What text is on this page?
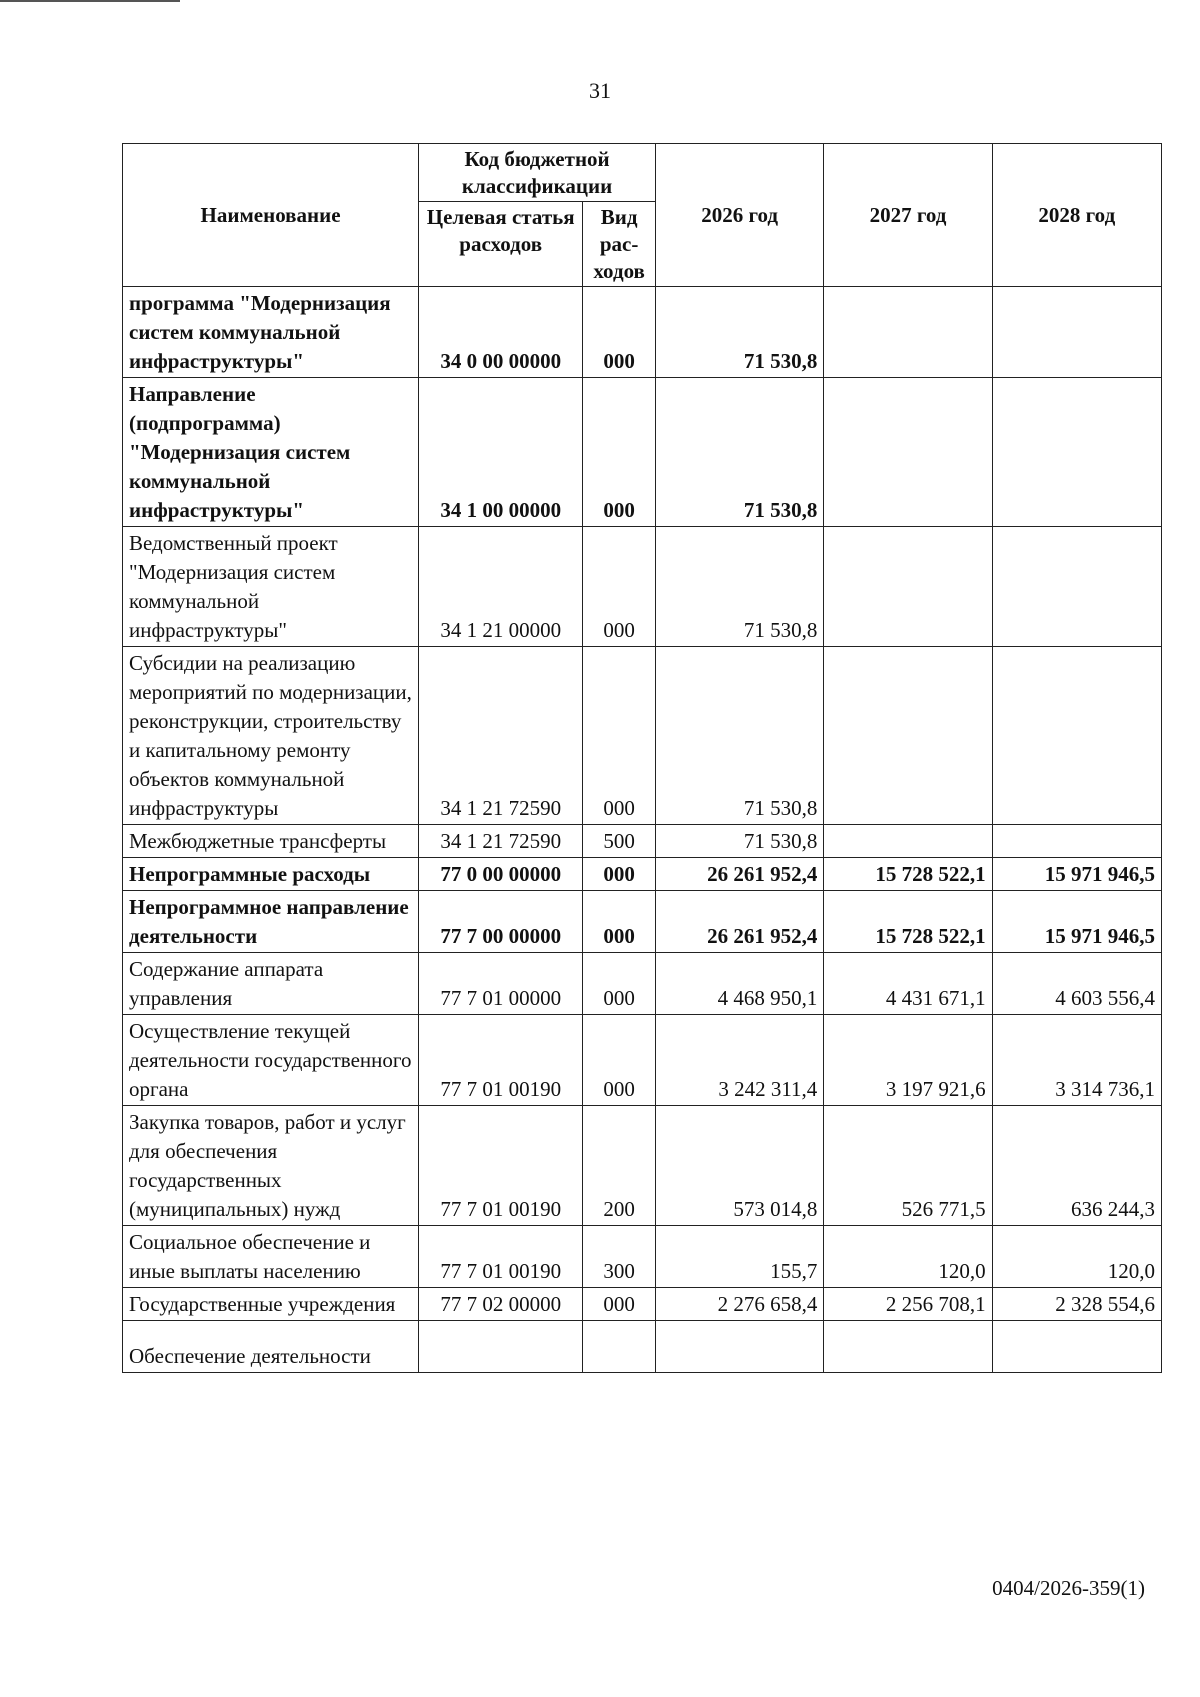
31
Наименование	Код бюджетной классификации		2026 год	2027 год	2028 год
	Целевая статья расходов	Вид рас-ходов			
программа "Модернизация систем коммунальной инфраструктуры"	34 0 00 00000	000	71 530,8		
Направление (подпрограмма) "Модернизация систем коммунальной инфраструктуры"	34 1 00 00000	000	71 530,8		
Ведомственный проект "Модернизация систем коммунальной инфраструктуры"	34 1 21 00000	000	71 530,8		
Субсидии на реализацию мероприятий по модернизации, реконструкции, строительству и капитальному ремонту объектов коммунальной инфраструктуры	34 1 21 72590	000	71 530,8		
Межбюджетные трансферты	34 1 21 72590	500	71 530,8		
Непрограммные расходы	77 0 00 00000	000	26 261 952,4	15 728 522,1	15 971 946,5
Непрограммное направление деятельности	77 7 00 00000	000	26 261 952,4	15 728 522,1	15 971 946,5
Содержание аппарата управления	77 7 01 00000	000	4 468 950,1	4 431 671,1	4 603 556,4
Осуществление текущей деятельности государственного органа	77 7 01 00190	000	3 242 311,4	3 197 921,6	3 314 736,1
Закупка товаров, работ и услуг для обеспечения государственных (муниципальных) нужд	77 7 01 00190	200	573 014,8	526 771,5	636 244,3
Социальное обеспечение и иные выплаты населению	77 7 01 00190	300	155,7	120,0	120,0
Государственные учреждения	77 7 02 00000	000	2 276 658,4	2 256 708,1	2 328 554,6
Обеспечение деятельности					
0404/2026-359(1)
